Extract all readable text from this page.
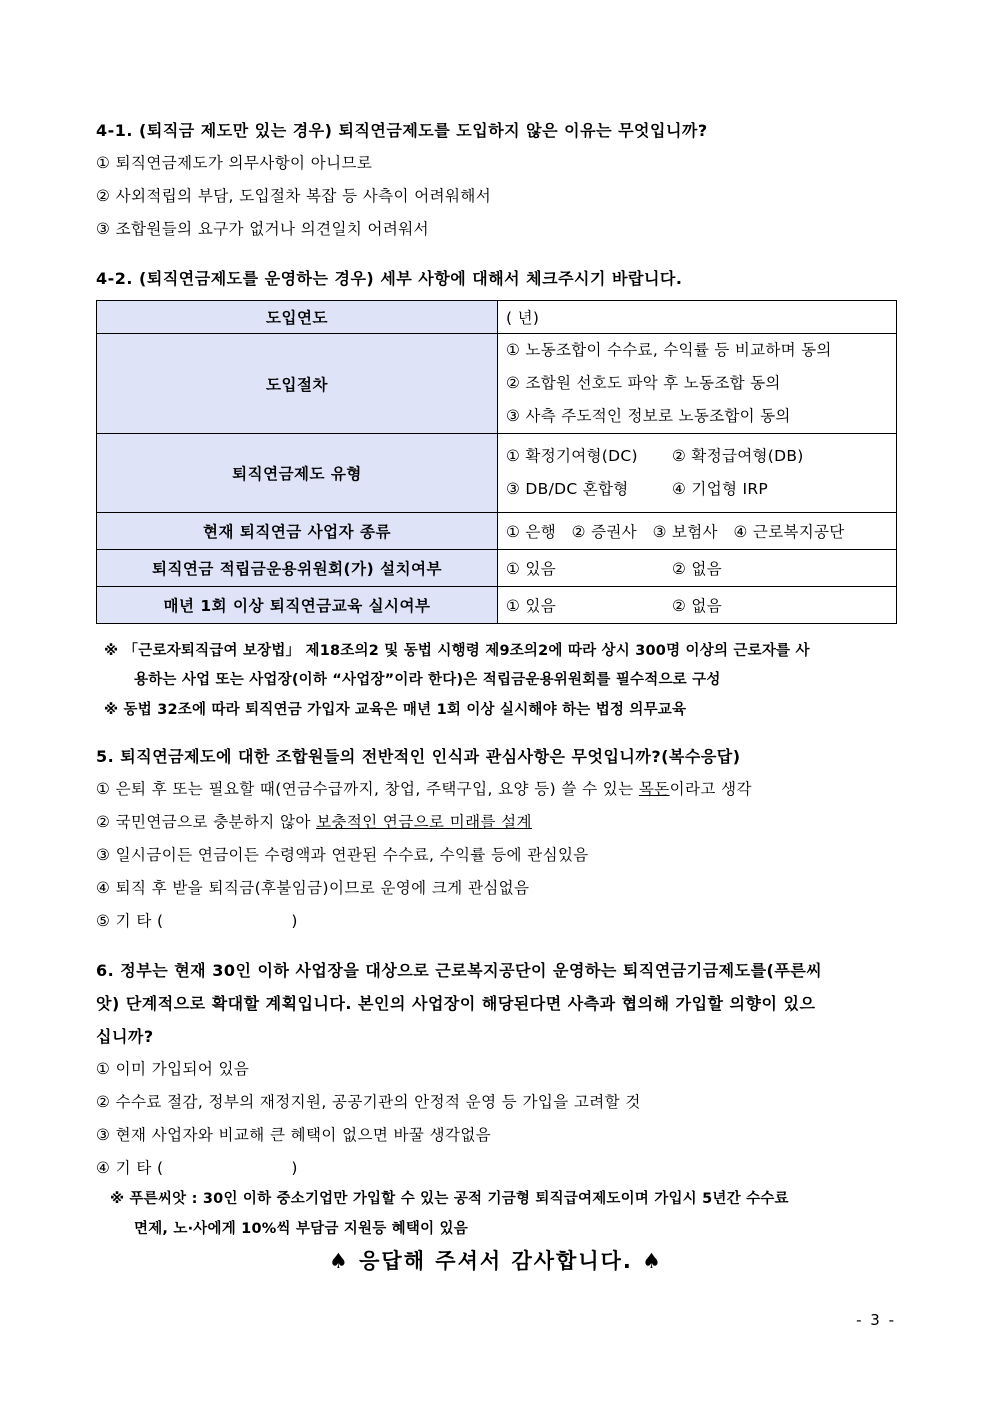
4-1. (퇴직금 제도만 있는 경우) 퇴직연금제도를 도입하지 않은 이유는 무엇입니까?
① 퇴직연금제도가 의무사항이 아니므로
② 사외적립의 부담, 도입절차 복잡 등 사측이 어려워해서
③ 조합원들의 요구가 없거나 의견일치 어려워서
4-2. (퇴직연금제도를 운영하는 경우) 세부 사항에 대해서 체크주시기 바랍니다.
도입연도	( 년)
도입절차	① 노동조합이 수수료, 수익률 등 비교하며 동의
② 조합원 선호도 파악 후 노동조합 동의
③ 사측 주도적인 정보로 노동조합이 동의

퇴직연금제도 유형	① 확정기여형(DC) ② 확정급여형(DB)
③ DB/DC 혼합형 ④ 기업형 IRP

현재 퇴직연금 사업자 종류	① 은행   ② 증권사   ③ 보험사   ④ 근로복지공단
퇴직연금 적립금운용위원회(가) 설치여부	① 있음 ② 없음

매년 1회 이상 퇴직연금교육 실시여부	① 있음 ② 없음
※ 「근로자퇴직급여 보장법」 제18조의2 및 동법 시행령 제9조의2에 따라 상시 300명 이상의 근로자를 사
용하는 사업 또는 사업장(이하 “사업장”이라 한다)은 적립금운용위원회를 필수적으로 구성
※ 동법 32조에 따라 퇴직연금 가입자 교육은 매년 1회 이상 실시해야 하는 법정 의무교육
5. 퇴직연금제도에 대한 조합원들의 전반적인 인식과 관심사항은 무엇입니까?(복수응답)
① 은퇴 후 또는 필요할 때(연금수급까지, 창업, 주택구입, 요양 등) 쓸 수 있는 목돈이라고 생각
② 국민연금으로 충분하지 않아 보충적인 연금으로 미래를 설계
③ 일시금이든 연금이든 수령액과 연관된 수수료, 수익률 등에 관심있음
④ 퇴직 후 받을 퇴직금(후불임금)이므로 운영에 크게 관심없음
⑤ 기 타 (                        )
6. 정부는 현재 30인 이하 사업장을 대상으로 근로복지공단이 운영하는 퇴직연금기금제도를(푸른씨
앗) 단계적으로 확대할 계획입니다. 본인의 사업장이 해당된다면 사측과 협의해 가입할 의향이 있으
십니까?
① 이미 가입되어 있음
② 수수료 절감, 정부의 재정지원, 공공기관의 안정적 운영 등 가입을 고려할 것
③ 현재 사업자와 비교해 큰 혜택이 없으면 바꿀 생각없음
④ 기 타 (                        )
※ 푸른씨앗 : 30인 이하 중소기업만 가입할 수 있는 공적 기금형 퇴직급여제도이며 가입시 5년간 수수료
면제, 노·사에게 10%씩 부담금 지원등 혜택이 있음
♠ 응답해 주셔서 감사합니다. ♠
- 3 -
